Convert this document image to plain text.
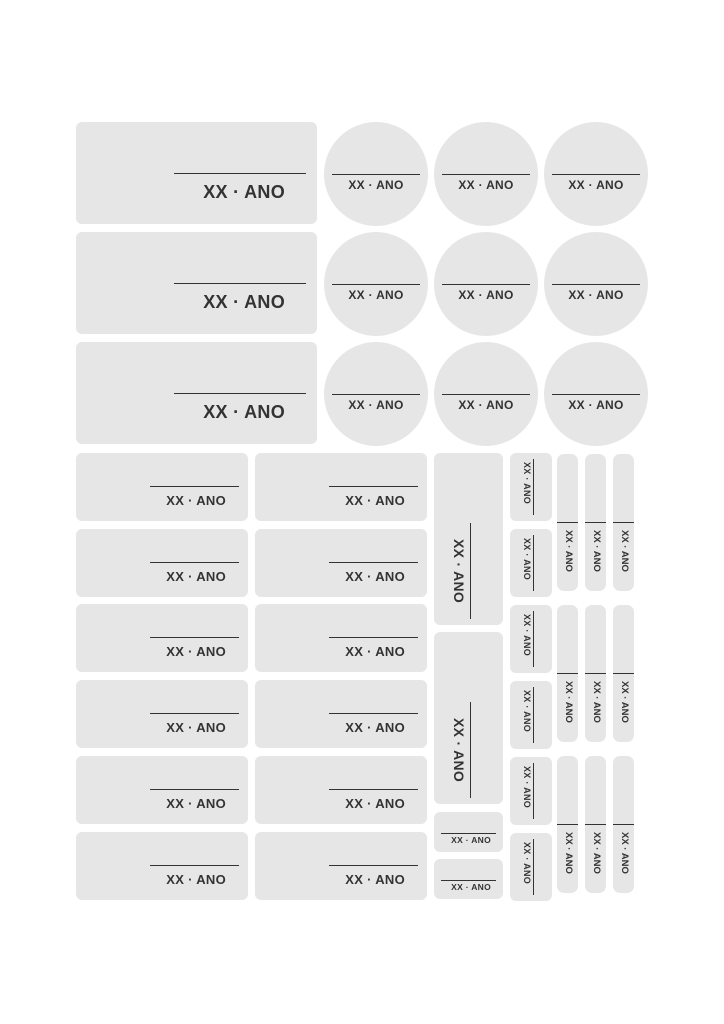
XX · ANO
XX · ANO
XX · ANO
XX · ANO	XX · ANO	XX · ANO
XX · ANO	XX · ANO	XX · ANO
XX · ANO	XX · ANO	XX · ANO
XX · ANO
XX · ANO
XX · ANO
XX · ANO
XX · ANO
XX · ANO
XX · ANO
XX · ANO
XX · ANO
XX · ANO
XX · ANO
XX · ANO
XX · ANO
XX · ANO
XX · ANO
XX · ANO
XX · ANO
XX · ANO
XX · ANO
XX · ANO
XX · ANO
XX · ANO
XX · ANO XX · ANO XX · ANO
XX · ANO XX · ANO XX · ANO
XX · ANO XX · ANO XX · ANO
